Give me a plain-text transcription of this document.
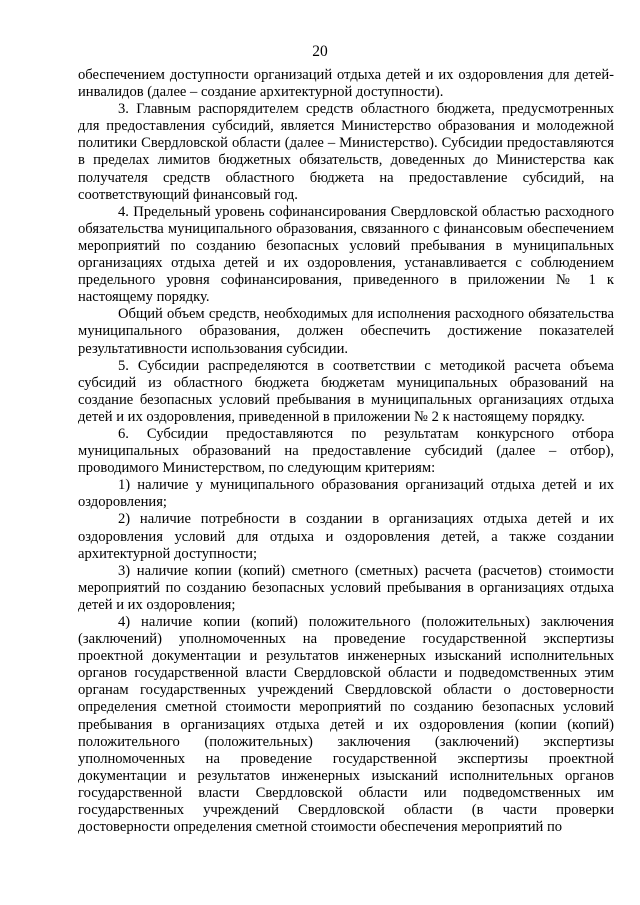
20

обеспечением доступности организаций отдыха детей и их оздоровления для детей-инвалидов (далее – создание архитектурной доступности).

3. Главным распорядителем средств областного бюджета, предусмотренных для предоставления субсидий, является Министерство образования и молодежной политики Свердловской области (далее – Министерство). Субсидии предоставляются в пределах лимитов бюджетных обязательств, доведенных до Министерства как получателя средств областного бюджета на предоставление субсидий, на соответствующий финансовый год.

4. Предельный уровень софинансирования Свердловской областью расходного обязательства муниципального образования, связанного с финансовым обеспечением мероприятий по созданию безопасных условий пребывания в муниципальных организациях отдыха детей и их оздоровления, устанавливается с соблюдением предельного уровня софинансирования, приведенного в приложении № 1 к настоящему порядку.

Общий объем средств, необходимых для исполнения расходного обязательства муниципального образования, должен обеспечить достижение показателей результативности использования субсидии.

5. Субсидии распределяются в соответствии с методикой расчета объема субсидий из областного бюджета бюджетам муниципальных образований на создание безопасных условий пребывания в муниципальных организациях отдыха детей и их оздоровления, приведенной в приложении № 2 к настоящему порядку.

6. Субсидии предоставляются по результатам конкурсного отбора муниципальных образований на предоставление субсидий (далее – отбор), проводимого Министерством, по следующим критериям:

1) наличие у муниципального образования организаций отдыха детей и их оздоровления;

2) наличие потребности в создании в организациях отдыха детей и их оздоровления условий для отдыха и оздоровления детей, а также создании архитектурной доступности;

3) наличие копии (копий) сметного (сметных) расчета (расчетов) стоимости мероприятий по созданию безопасных условий пребывания в организациях отдыха детей и их оздоровления;

4) наличие копии (копий) положительного (положительных) заключения (заключений) уполномоченных на проведение государственной экспертизы проектной документации и результатов инженерных изысканий исполнительных органов государственной власти Свердловской области и подведомственных этим органам государственных учреждений Свердловской области о достоверности определения сметной стоимости мероприятий по созданию безопасных условий пребывания в организациях отдыха детей и их оздоровления (копии (копий) положительного (положительных) заключения (заключений) экспертизы уполномоченных на проведение государственной экспертизы проектной документации и результатов инженерных изысканий исполнительных органов государственной власти Свердловской области или подведомственных им государственных учреждений Свердловской области (в части проверки достоверности определения сметной стоимости обеспечения мероприятий по
